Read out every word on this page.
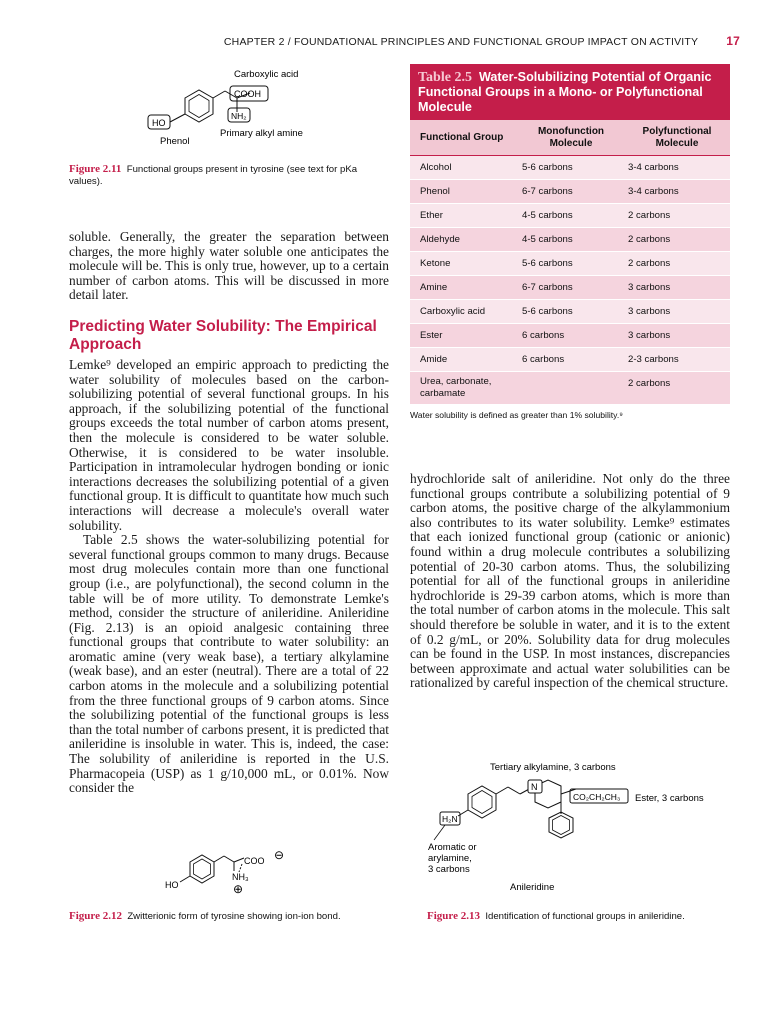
CHAPTER 2 / FOUNDATIONAL PRINCIPLES AND FUNCTIONAL GROUP IMPACT ON ACTIVITY 17
Carboxylic acid
HO
COOH
NH₂
Phenol
Primary alkyl amine
Figure 2.11 Functional groups present in tyrosine (see text for pKa values).

soluble. Generally, the greater the separation between charges, the more highly water soluble one anticipates the molecule will be. This is only true, however, up to a certain number of carbon atoms. This will be discussed in more detail later.

Predicting Water Solubility: The Empirical Approach

Lemke⁹ developed an empiric approach to predicting the water solubility of molecules based on the carbon-solubilizing potential of several functional groups. In his approach, if the solubilizing potential of the functional groups exceeds the total number of carbon atoms present, then the molecule is considered to be water soluble. Otherwise, it is considered to be water insoluble. Participation in intramolecular hydrogen bonding or ionic interactions decreases the solubilizing potential of a given functional group. It is difficult to quantitate how much such interactions will decrease a molecule's overall water solubility.

Table 2.5 shows the water-solubilizing potential for several functional groups common to many drugs. Because most drug molecules contain more than one functional group (i.e., are polyfunctional), the second column in the table will be of more utility. To demonstrate Lemke's method, consider the structure of anileridine. Anileridine (Fig. 2.13) is an opioid analgesic containing three functional groups that contribute to water solubility: an aromatic amine (very weak base), a tertiary alkylamine (weak base), and an ester (neutral). There are a total of 22 carbon atoms in the molecule and a solubilizing potential from the three functional groups of 9 carbon atoms. Since the solubilizing potential of the functional groups is less than the total number of carbons present, it is predicted that anileridine is insoluble in water. This is, indeed, the case: The solubility of anileridine is reported in the U.S. Pharmacopeia (USP) as 1 g/10,000 mL, or 0.01%. Now consider the

HO
COO ⊖
NH₃
⊕
Figure 2.12 Zwitterionic form of tyrosine showing ion-ion bond.
Table 2.5 Water-Solubilizing Potential of Organic Functional Groups in a Mono- or Polyfunctional Molecule
Functional Group	Monofunction Molecule	Polyfunctional Molecule
Alcohol	5-6 carbons	3-4 carbons
Phenol	6-7 carbons	3-4 carbons
Ether	4-5 carbons	2 carbons
Aldehyde	4-5 carbons	2 carbons
Ketone	5-6 carbons	2 carbons
Amine	6-7 carbons	3 carbons
Carboxylic acid	5-6 carbons	3 carbons
Ester	6 carbons	3 carbons
Amide	6 carbons	2-3 carbons
Urea, carbonate, carbamate		2 carbons
Water solubility is defined as greater than 1% solubility.⁹

hydrochloride salt of anileridine. Not only do the three functional groups contribute a solubilizing potential of 9 carbon atoms, the positive charge of the alkylammonium also contributes to its water solubility. Lemke⁹ estimates that each ionized functional group (cationic or anionic) found within a drug molecule contributes a solubilizing potential of 20-30 carbon atoms. Thus, the solubilizing potential for all of the functional groups in anileridine hydrochloride is 29-39 carbon atoms, which is more than the total number of carbon atoms in the molecule. This salt should therefore be soluble in water, and it is to the extent of 0.2 g/mL, or 20%. Solubility data for drug molecules can be found in the USP. In most instances, discrepancies between approximate and actual water solubilities can be rationalized by careful inspection of the chemical structure.

Tertiary alkylamine, 3 carbons
N
CO₂CH₂CH₃ Ester, 3 carbons
H₂N
Aromatic or
arylamine,
3 carbons
Anileridine
Figure 2.13 Identification of functional groups in anileridine.
